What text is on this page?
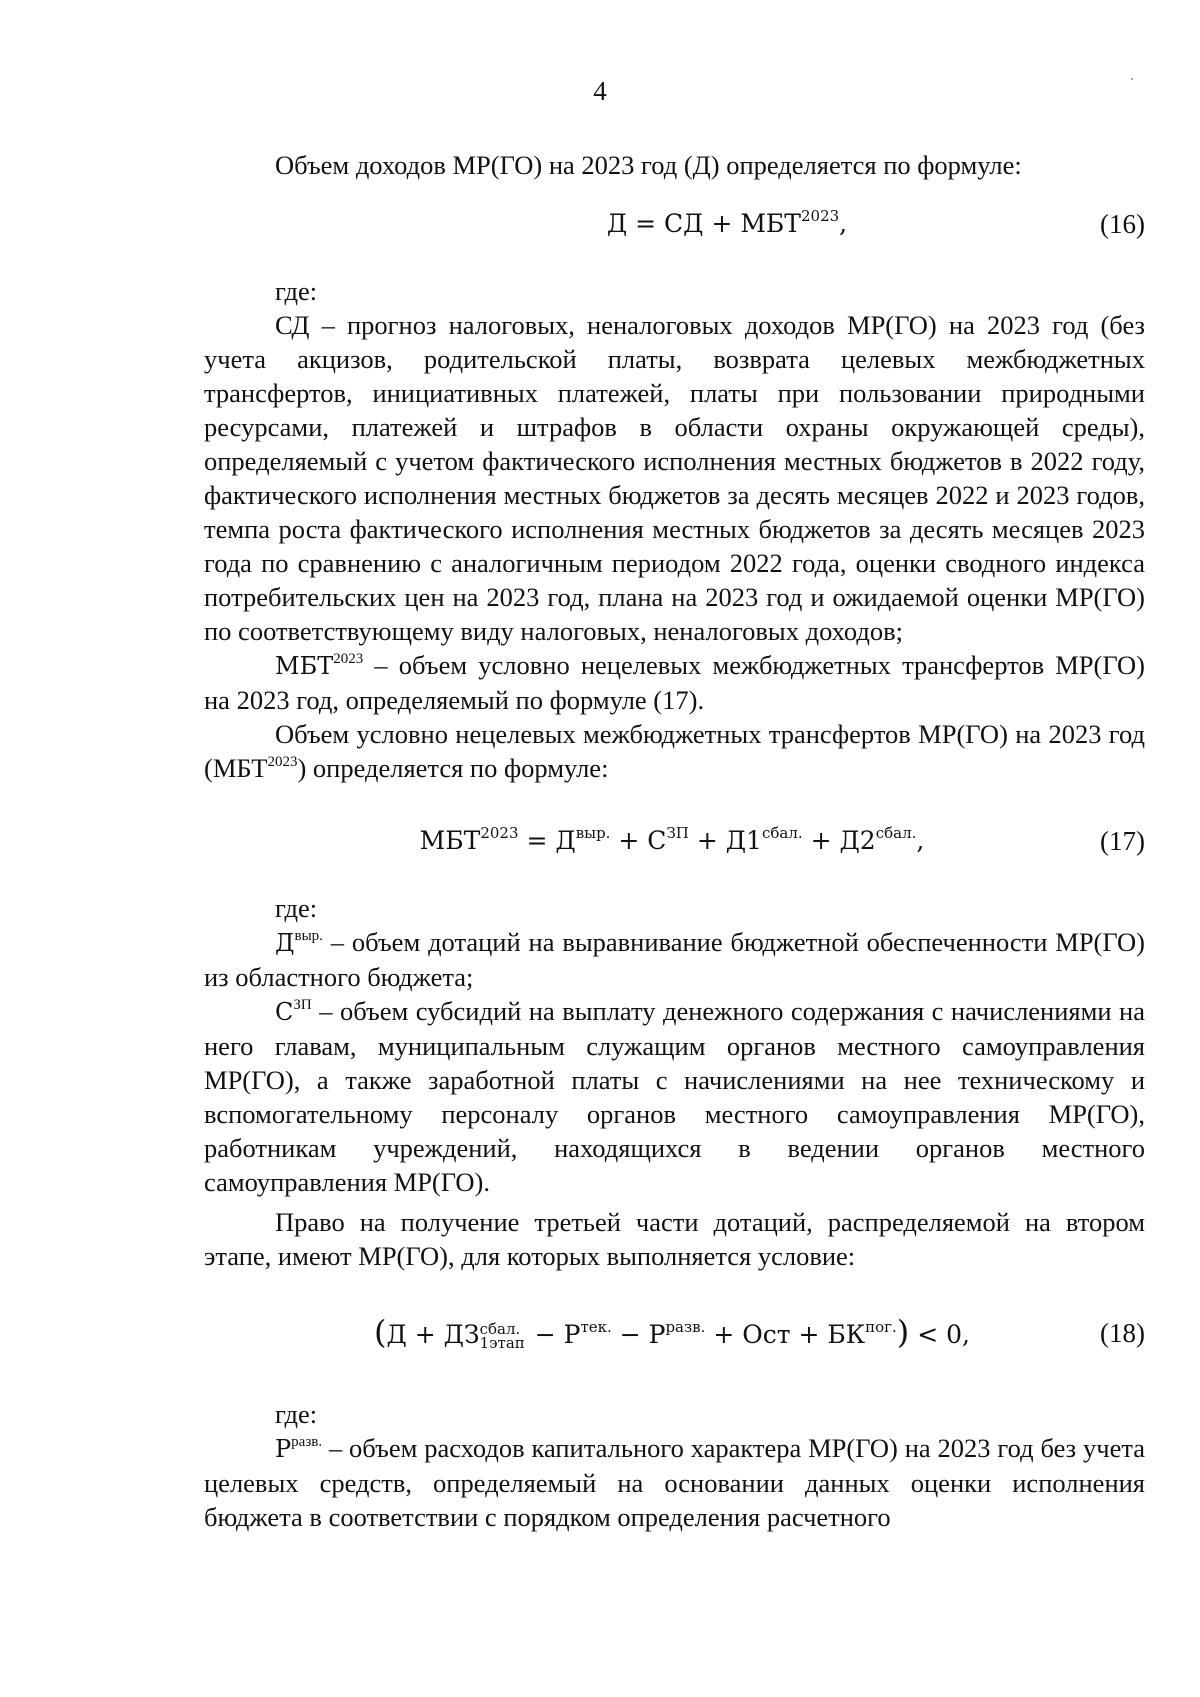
4

Объем доходов МР(ГО) на 2023 год (Д) определяется по формуле:

Д = СД + $МБТ^{2023}$,	(16)

где:

СД – прогноз налоговых, неналоговых доходов МР(ГО) на 2023 год (без учета акцизов, родительской платы, возврата целевых межбюджетных трансфертов, инициативных платежей, платы при пользовании природными ресурсами, платежей и штрафов в области охраны окружающей среды), определяемый с учетом фактического исполнения местных бюджетов в 2022 году, фактического исполнения местных бюджетов за десять месяцев 2022 и 2023 годов, темпа роста фактического исполнения местных бюджетов за десять месяцев 2023 года по сравнению с аналогичным периодом 2022 года, оценки сводного индекса потребительских цен на 2023 год, плана на 2023 год и ожидаемой оценки МР(ГО) по соответствующему виду налоговых, неналоговых доходов;

$МБТ^{2023}$ – объем условно нецелевых межбюджетных трансфертов МР(ГО) на 2023 год, определяемый по формуле (17).

Объем условно нецелевых межбюджетных трансфертов МР(ГО) на 2023 год $(МБТ^{2023})$ определяется по формуле:

$МБТ^{2023} = Д^{выр.} + С^{ЗП} + Д1^{сбал.} + Д2^{сбал.}$,	(17)

где:

$Д^{выр.}$ – объем дотаций на выравнивание бюджетной обеспеченности МР(ГО) из областного бюджета;

$С^{ЗП}$ – объем субсидий на выплату денежного содержания с начислениями на него главам, муниципальным служащим органов местного самоуправления МР(ГО), а также заработной платы с начислениями на нее техническому и вспомогательному персоналу органов местного самоуправления МР(ГО), работникам учреждений, находящихся в ведении органов местного самоуправления МР(ГО).

Право на получение третьей части дотаций, распределяемой на втором этапе, имеют МР(ГО), для которых выполняется условие:

(Д + ДЗ сбал.
1этап − $Р^{тек.} - Р^{разв.}$ + Ост + $БК^{пог.}) < 0$,	(18)

где:

$Р^{разв.}$ – объем расходов капитального характера МР(ГО) на 2023 год без учета целевых средств, определяемый на основании данных оценки исполнения бюджета в соответствии с порядком определения расчетного
